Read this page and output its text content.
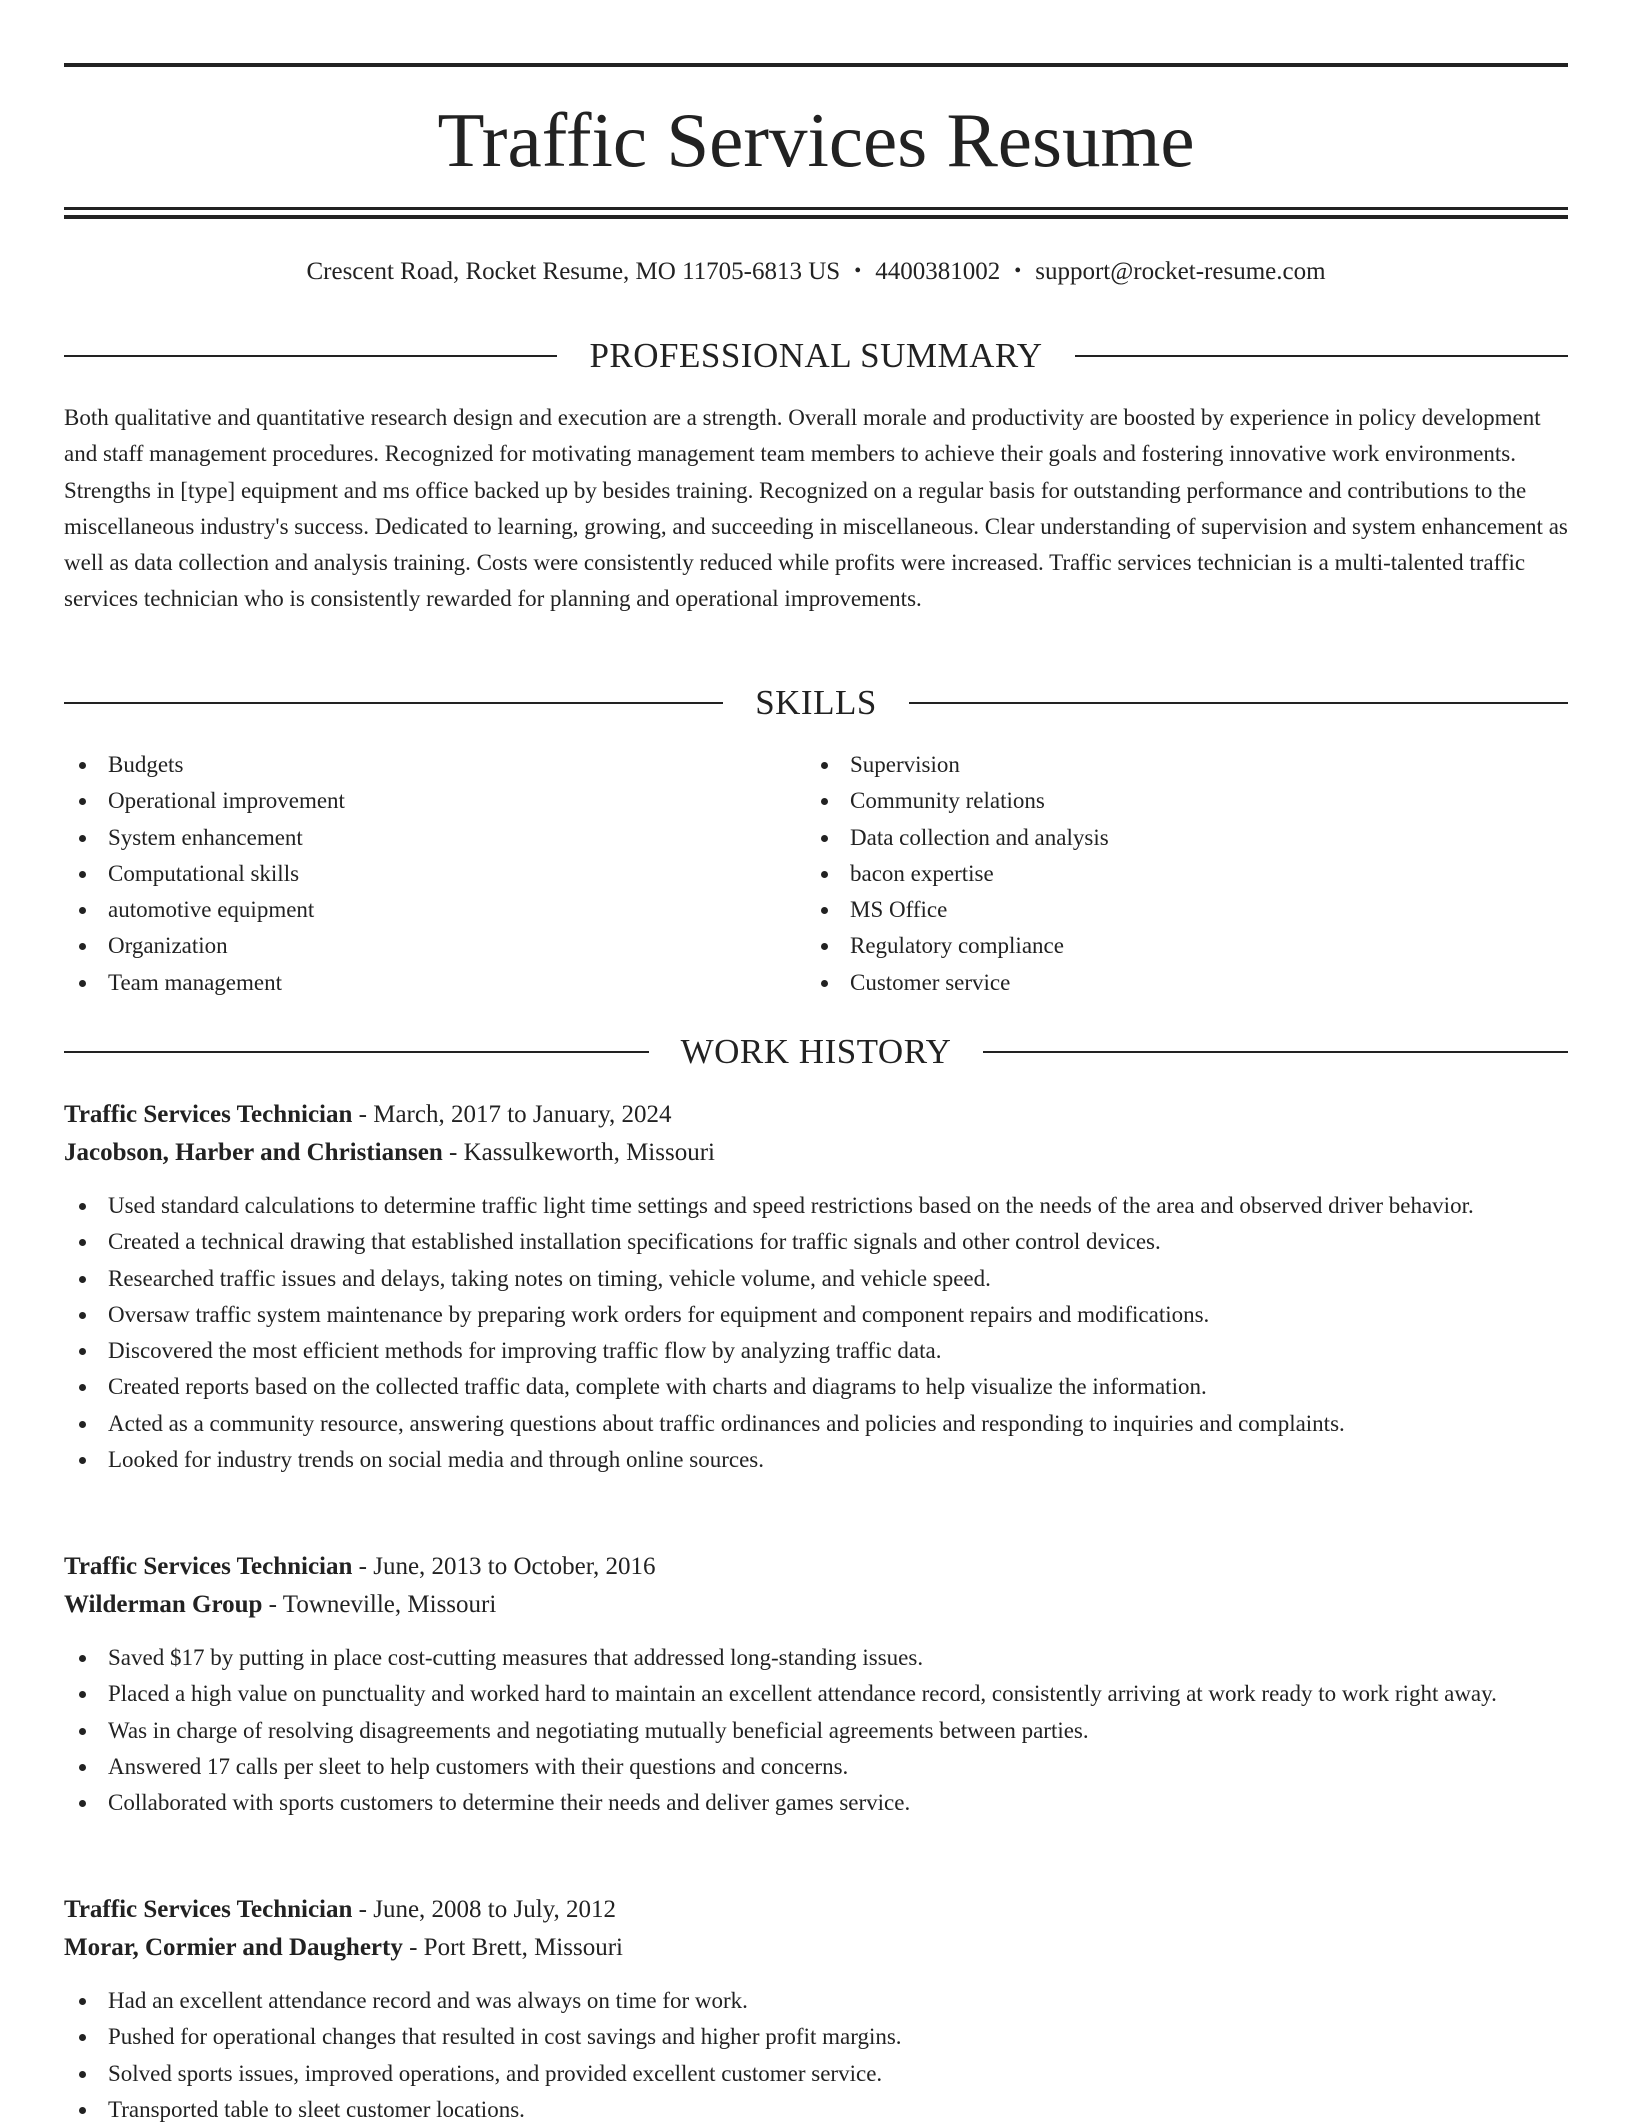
Traffic Services Resume
Crescent Road, Rocket Resume, MO 11705-6813 US • 4400381002 • support@rocket-resume.com
PROFESSIONAL SUMMARY

Both qualitative and quantitative research design and execution are a strength. Overall morale and productivity are boosted by experience in policy development and staff management procedures. Recognized for motivating management team members to achieve their goals and fostering innovative work environments. Strengths in [type] equipment and ms office backed up by besides training. Recognized on a regular basis for outstanding performance and contributions to the miscellaneous industry's success. Dedicated to learning, growing, and succeeding in miscellaneous. Clear understanding of supervision and system enhancement as well as data collection and analysis training. Costs were consistently reduced while profits were increased. Traffic services technician is a multi-talented traffic services technician who is consistently rewarded for planning and operational improvements.

SKILLS
Budgets
Operational improvement
System enhancement
Computational skills
automotive equipment
Organization
Team management
Supervision
Community relations
Data collection and analysis
bacon expertise
MS Office
Regulatory compliance
Customer service
WORK HISTORY
Traffic Services Technician - March, 2017 to January, 2024
Jacobson, Harber and Christiansen - Kassulkeworth, Missouri
Used standard calculations to determine traffic light time settings and speed restrictions based on the needs of the area and observed driver behavior.
Created a technical drawing that established installation specifications for traffic signals and other control devices.
Researched traffic issues and delays, taking notes on timing, vehicle volume, and vehicle speed.
Oversaw traffic system maintenance by preparing work orders for equipment and component repairs and modifications.
Discovered the most efficient methods for improving traffic flow by analyzing traffic data.
Created reports based on the collected traffic data, complete with charts and diagrams to help visualize the information.
Acted as a community resource, answering questions about traffic ordinances and policies and responding to inquiries and complaints.
Looked for industry trends on social media and through online sources.
Traffic Services Technician - June, 2013 to October, 2016
Wilderman Group - Towneville, Missouri
Saved $17 by putting in place cost-cutting measures that addressed long-standing issues.
Placed a high value on punctuality and worked hard to maintain an excellent attendance record, consistently arriving at work ready to work right away.
Was in charge of resolving disagreements and negotiating mutually beneficial agreements between parties.
Answered 17 calls per sleet to help customers with their questions and concerns.
Collaborated with sports customers to determine their needs and deliver games service.
Traffic Services Technician - June, 2008 to July, 2012
Morar, Cormier and Daugherty - Port Brett, Missouri
Had an excellent attendance record and was always on time for work.
Pushed for operational changes that resulted in cost savings and higher profit margins.
Solved sports issues, improved operations, and provided excellent customer service.
Transported table to sleet customer locations.
